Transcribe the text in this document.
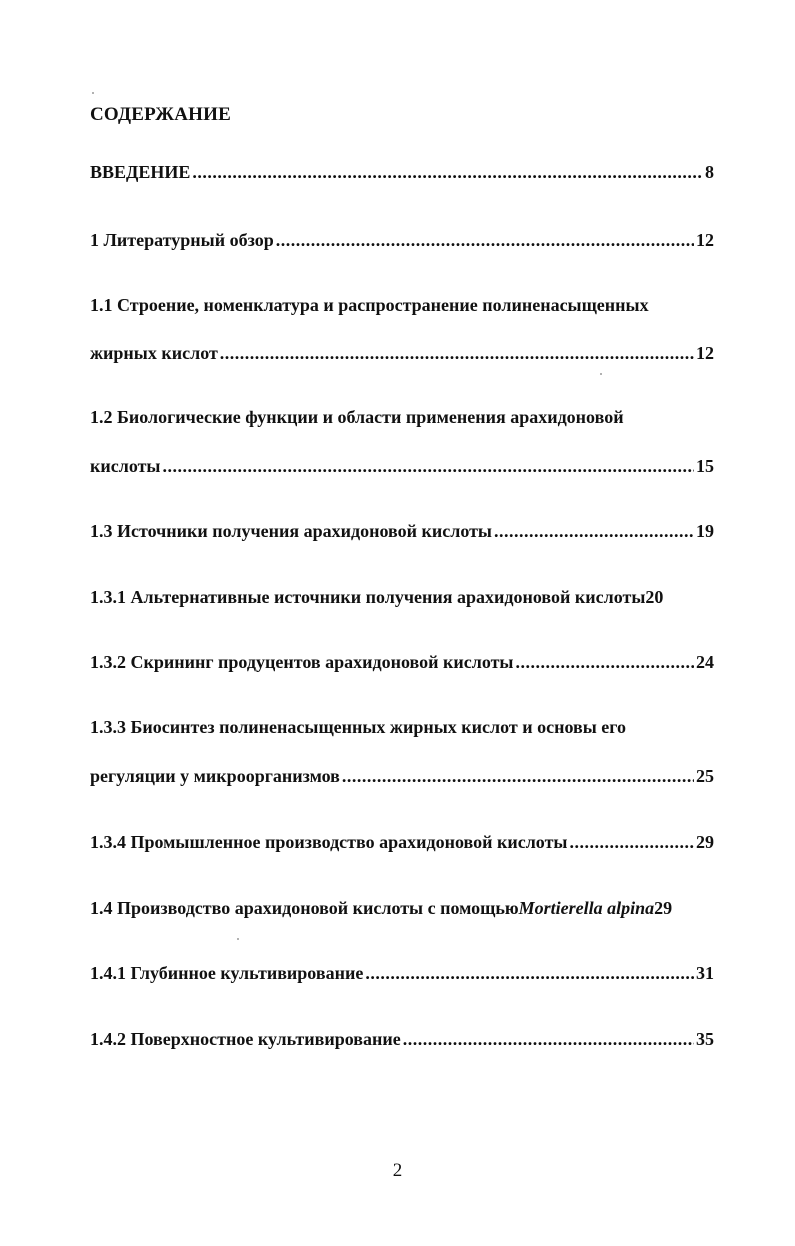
СОДЕРЖАНИЕ
ВВЕДЕНИЕ .....	8
1 Литературный обзор .....	12
1.1 Строение, номенклатура и распространение полиненасыщенных
жирных кислот .....	12
1.2 Биологические функции и области применения арахидоновой
кислоты .....	15
1.3 Источники получения арахидоновой кислоты .....	19
1.3.1 Альтернативные источники получения арахидоновой кислоты 20
1.3.2 Скрининг продуцентов арахидоновой кислоты .....	24
1.3.3 Биосинтез полиненасыщенных жирных кислот и основы его
регуляции у микроорганизмов .....	25
1.3.4 Промышленное производство арахидоновой кислоты .....	29
1.4 Производство арахидоновой кислоты с помощью Mortierella alpina 29
1.4.1 Глубинное культивирование .....	31
1.4.2 Поверхностное культивирование .....	35
2
